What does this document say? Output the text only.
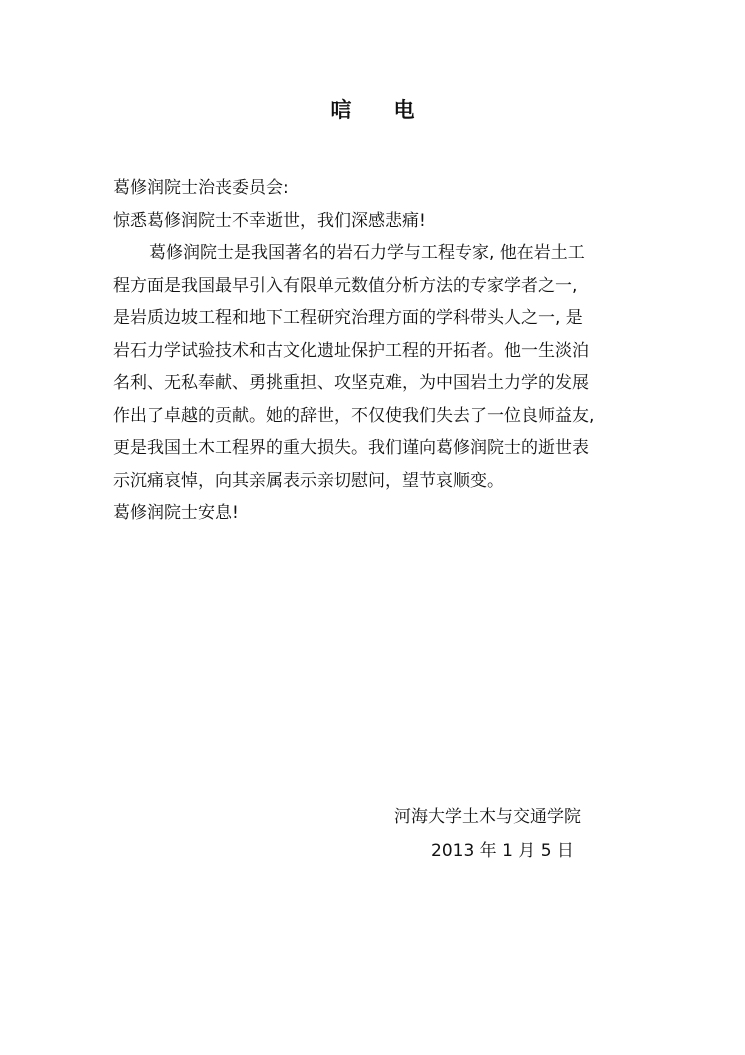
唁 电
葛修润院士治丧委员会:
惊悉葛修润院士不幸逝世，我们深感悲痛!
葛修润院士是我国著名的岩石力学与工程专家, 他在岩土工
程方面是我国最早引入有限单元数值分析方法的专家学者之一,
是岩质边坡工程和地下工程研究治理方面的学科带头人之一, 是
岩石力学试验技术和古文化遗址保护工程的开拓者。他一生淡泊
名利、无私奉献、勇挑重担、攻坚克难，为中国岩土力学的发展
作出了卓越的贡献。她的辞世，不仅使我们失去了一位良师益友,
更是我国土木工程界的重大损失。我们谨向葛修润院士的逝世表
示沉痛哀悼，向其亲属表示亲切慰问，望节哀顺变。
葛修润院士安息!
河海大学土木与交通学院
2013 年 1 月 5 日
